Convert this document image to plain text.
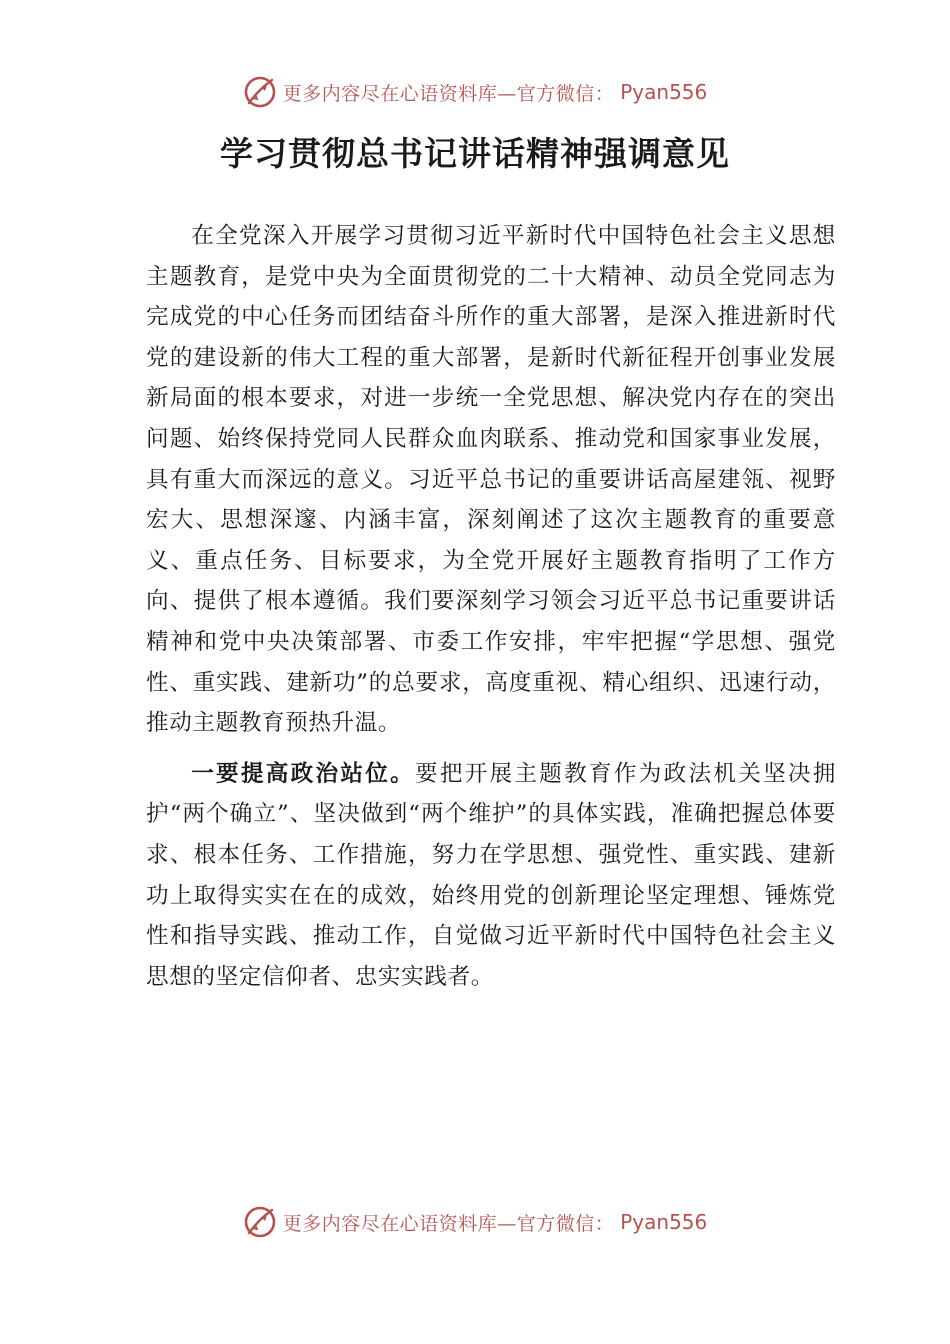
更多内容尽在心语资料库—官方微信： Pyan556
学习贯彻总书记讲话精神强调意见

在全党深入开展学习贯彻习近平新时代中国特色社会主义思想主题教育，是党中央为全面贯彻党的二十大精神、动员全党同志为完成党的中心任务而团结奋斗所作的重大部署，是深入推进新时代党的建设新的伟大工程的重大部署，是新时代新征程开创事业发展新局面的根本要求，对进一步统一全党思想、解决党内存在的突出问题、始终保持党同人民群众血肉联系、推动党和国家事业发展，具有重大而深远的意义。习近平总书记的重要讲话高屋建瓴、视野宏大、思想深邃、内涵丰富，深刻阐述了这次主题教育的重要意义、重点任务、目标要求，为全党开展好主题教育指明了工作方向、提供了根本遵循。我们要深刻学习领会习近平总书记重要讲话精神和党中央决策部署、市委工作安排，牢牢把握“学思想、强党性、重实践、建新功”的总要求，高度重视、精心组织、迅速行动，推动主题教育预热升温。

一要提高政治站位。要把开展主题教育作为政法机关坚决拥护“两个确立”、坚决做到“两个维护”的具体实践，准确把握总体要求、根本任务、工作措施，努力在学思想、强党性、重实践、建新功上取得实实在在的成效，始终用党的创新理论坚定理想、锤炼党性和指导实践、推动工作，自觉做习近平新时代中国特色社会主义思想的坚定信仰者、忠实实践者。

更多内容尽在心语资料库—官方微信： Pyan556
